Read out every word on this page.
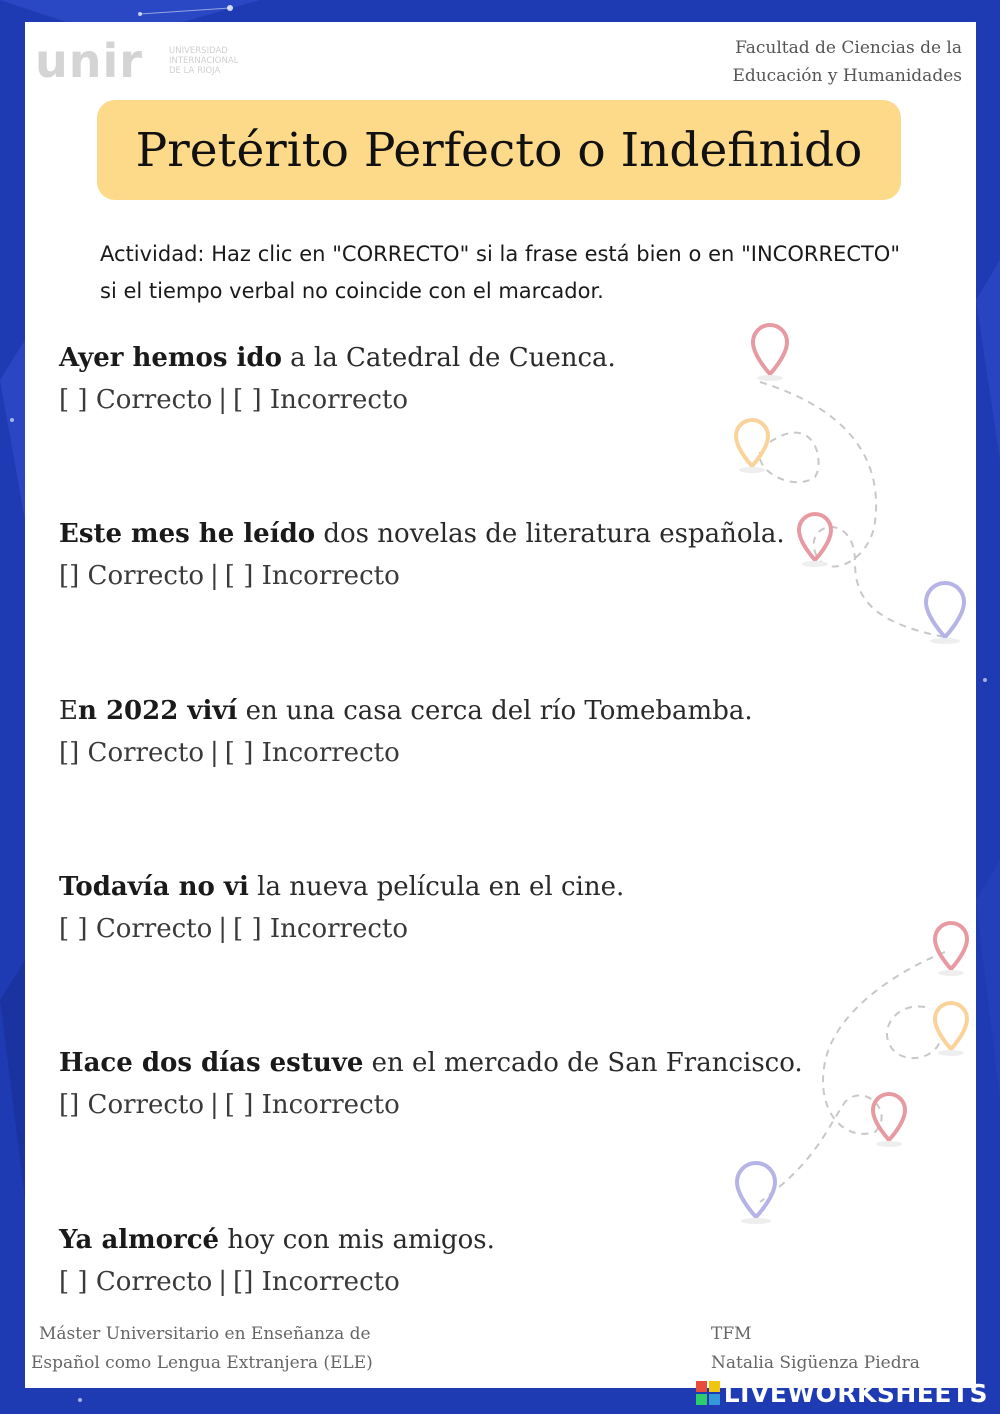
unir	UNIVERSIDAD
INTERNACIONAL
DE LA RIOJA
Facultad de Ciencias de la
Educación y Humanidades
Pretérito Perfecto o Indefinido
Actividad: Haz clic en "CORRECTO" si la frase está bien o en "INCORRECTO" si el tiempo verbal no coincide con el marcador.
Ayer hemos ido a la Catedral de Cuenca.
[ ] Correcto | [ ] Incorrecto
Este mes he leído dos novelas de literatura española.
[] Correcto | [ ] Incorrecto
En 2022 viví en una casa cerca del río Tomebamba.
[] Correcto | [ ] Incorrecto
Todavía no vi la nueva película en el cine.
[ ] Correcto | [ ] Incorrecto
Hace dos días estuve en el mercado de San Francisco.
[] Correcto | [ ] Incorrecto
Ya almorcé hoy con mis amigos.
[ ] Correcto | [] Incorrecto
Máster Universitario en Enseñanza de
Español como Lengua Extranjera (ELE)
TFM
Natalia Sigüenza Piedra
LIVEWORKSHEETS
